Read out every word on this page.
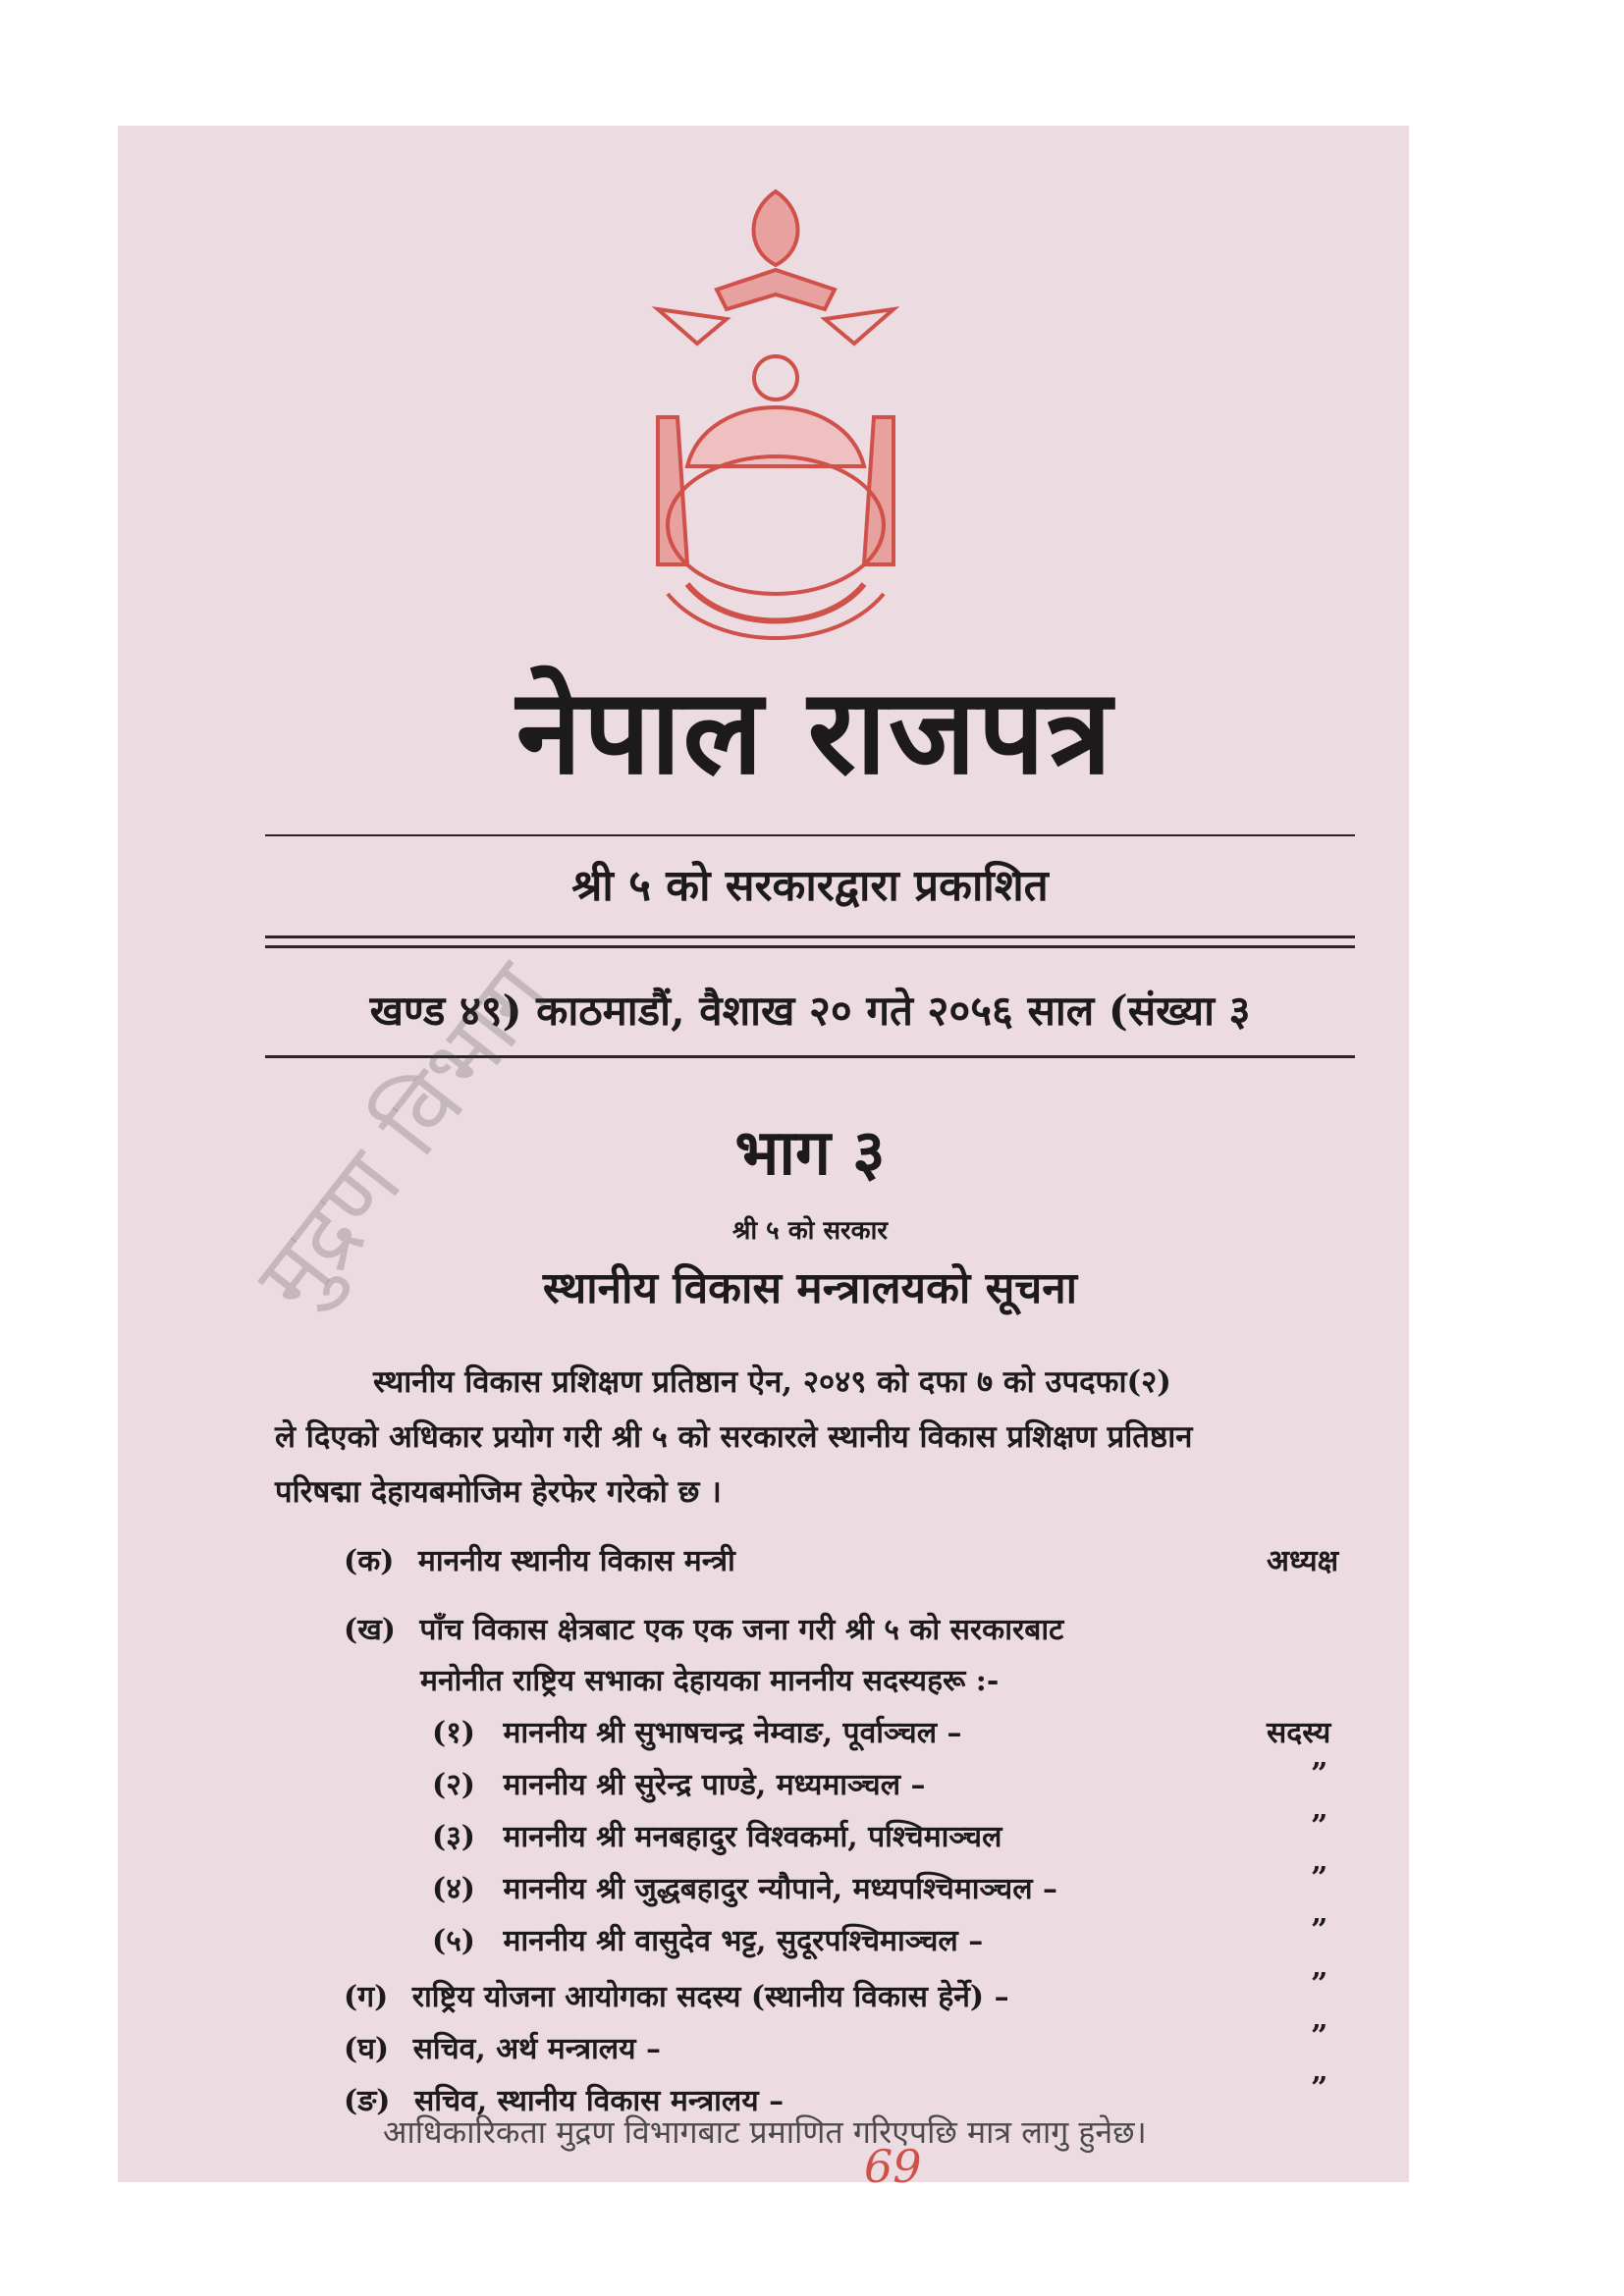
नेपाल राजपत्र
श्री ५ को सरकारद्वारा प्रकाशित
खण्ड ४९) काठमाडौं, वैशाख २० गते २०५६ साल (संख्या ३
भाग ३
श्री ५ को सरकार
स्थानीय विकास मन्त्रालयको सूचना
स्थानीय विकास प्रशिक्षण प्रतिष्ठान ऐन, २०४९ को दफा ७ को उपदफा(२)
ले दिएको अधिकार प्रयोग गरी श्री ५ को सरकारले स्थानीय विकास प्रशिक्षण प्रतिष्ठान
परिषद्मा देहायबमोजिम हेरफेर गरेको छ ।
(क) माननीय स्थानीय विकास मन्त्री	अध्यक्ष
(ख) पाँच विकास क्षेत्रबाट एक एक जना गरी श्री ५ को सरकारबाट
मनोनीत राष्ट्रिय सभाका देहायका माननीय सदस्यहरू :-
(१) माननीय श्री सुभाषचन्द्र नेम्वाङ, पूर्वाञ्चल –	सदस्य
(२) माननीय श्री सुरेन्द्र पाण्डे, मध्यमाञ्चल –	”
(३) माननीय श्री मनबहादुर विश्वकर्मा, पश्चिमाञ्चल	”
(४) माननीय श्री जुद्धबहादुर न्यौपाने, मध्यपश्चिमाञ्चल –	”
(५) माननीय श्री वासुदेव भट्ट, सुदूरपश्चिमाञ्चल –	”
(ग) राष्ट्रिय योजना आयोगका सदस्य (स्थानीय विकास हेर्ने) –	”
(घ) सचिव, अर्थ मन्त्रालय –	”
(ङ) सचिव, स्थानीय विकास मन्त्रालय –	”
आधिकारिकता मुद्रण विभागबाट प्रमाणित गरिएपछि मात्र लागु हुनेछ।
69
मुद्रण विभाग
